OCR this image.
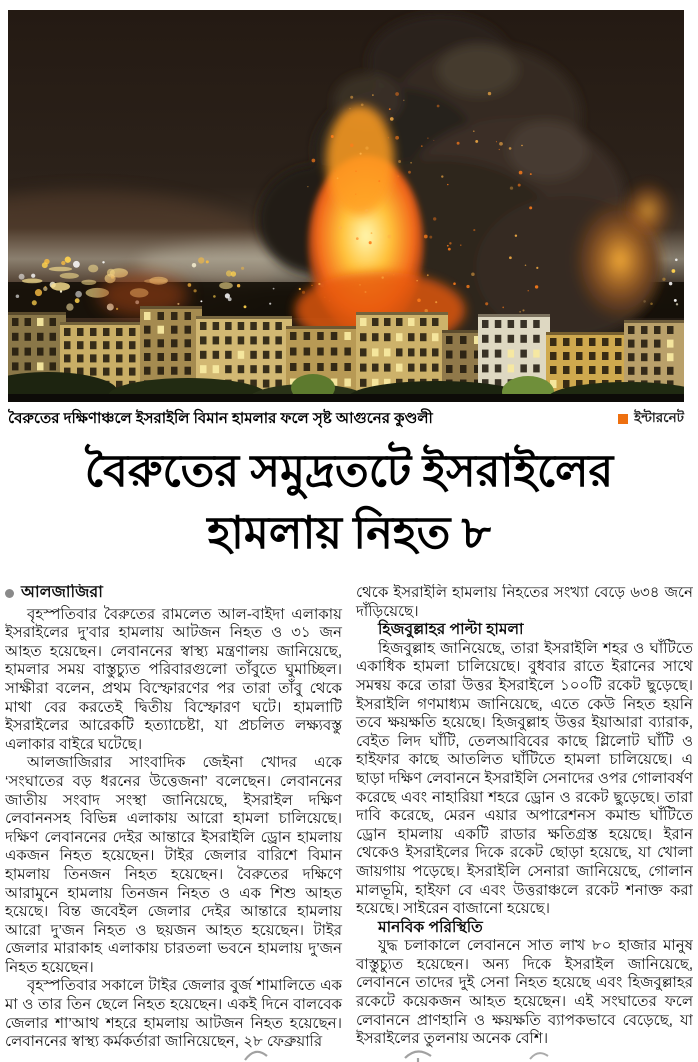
বৈরুতের দক্ষিণাঞ্চলে ইসরাইলি বিমান হামলার ফলে সৃষ্ট আগুনের কুণ্ডলী	ইন্টারনেট
বৈরুতের সমুদ্রতটে ইসরাইলের
হামলায় নিহত ৮

আলজাজিরা

বৃহস্পতিবার বৈরুতের রামলেত আল-বাইদা এলাকায় ইসরাইলের দু’বার হামলায় আটজন নিহত ও ৩১ জন আহত হয়েছেন। লেবাননের স্বাস্থ্য মন্ত্রণালয় জানিয়েছে, হামলার সময় বাস্তুচ্যুত পরিবারগুলো তাঁবুতে ঘুমাচ্ছিল। সাক্ষীরা বলেন, প্রথম বিস্ফোরণের পর তারা তাঁবু থেকে মাথা বের করতেই দ্বিতীয় বিস্ফোরণ ঘটে। হামলাটি ইসরাইলের আরেকটি হত্যাচেষ্টা, যা প্রচলিত লক্ষ্যবস্তু এলাকার বাইরে ঘটেছে।

আলজাজিরার সাংবাদিক জেইনা খোদর একে ‘সংঘাতের বড় ধরনের উত্তেজনা’ বলেছেন। লেবাননের জাতীয় সংবাদ সংস্থা জানিয়েছে, ইসরাইল দক্ষিণ লেবাননসহ বিভিন্ন এলাকায় আরো হামলা চালিয়েছে। দক্ষিণ লেবাননের দেইর আন্তারে ইসরাইলি ড্রোন হামলায় একজন নিহত হয়েছেন। টাইর জেলার বারিশে বিমান হামলায় তিনজন নিহত হয়েছেন। বৈরুতের দক্ষিণে আরামুনে হামলায় তিনজন নিহত ও এক শিশু আহত হয়েছে। বিন্ত জবেইল জেলার দেইর আন্তারে হামলায় আরো দু’জন নিহত ও ছয়জন আহত হয়েছেন। টাইর জেলার মারাকাহ এলাকায় চারতলা ভবনে হামলায় দু’জন নিহত হয়েছেন।

বৃহস্পতিবার সকালে টাইর জেলার বুর্জ শামালিতে এক মা ও তার তিন ছেলে নিহত হয়েছেন। একই দিনে বালবেক জেলার শা’আথ শহরে হামলায় আটজন নিহত হয়েছেন। লেবাননের স্বাস্থ্য কর্মকর্তারা জানিয়েছেন, ২৮ ফেব্রুয়ারি

থেকে ইসরাইলি হামলায় নিহতের সংখ্যা বেড়ে ৬৩৪ জনে দাঁড়িয়েছে।

হিজবুল্লাহর পাল্টা হামলা

হিজবুল্লাহ জানিয়েছে, তারা ইসরাইলি শহর ও ঘাঁটিতে একাধিক হামলা চালিয়েছে। বুধবার রাতে ইরানের সাথে সমন্বয় করে তারা উত্তর ইসরাইলে ১০০টি রকেট ছুড়েছে। ইসরাইলি গণমাধ্যম জানিয়েছে, এতে কেউ নিহত হয়নি তবে ক্ষয়ক্ষতি হয়েছে। হিজবুল্লাহ উত্তর ইয়াআরা ব্যারাক, বেইত লিদ ঘাঁটি, তেলআবিবের কাছে গ্লিলোট ঘাঁটি ও হাইফার কাছে আতলিত ঘাঁটিতে হামলা চালিয়েছে। এ ছাড়া দক্ষিণ লেবাননে ইসরাইলি সেনাদের ওপর গোলাবর্ষণ করেছে এবং নাহারিয়া শহরে ড্রোন ও রকেট ছুড়েছে। তারা দাবি করেছে, মেরন এয়ার অপারেশনস কমান্ড ঘাঁটিতে ড্রোন হামলায় একটি রাডার ক্ষতিগ্রস্ত হয়েছে। ইরান থেকেও ইসরাইলের দিকে রকেট ছোড়া হয়েছে, যা খোলা জায়গায় পড়েছে। ইসরাইলি সেনারা জানিয়েছে, গোলান মালভূমি, হাইফা বে এবং উত্তরাঞ্চলে রকেট শনাক্ত করা হয়েছে। সাইরেন বাজানো হয়েছে।

মানবিক পরিস্থিতি

যুদ্ধ চলাকালে লেবাননে সাত লাখ ৮০ হাজার মানুষ বাস্তুচ্যুত হয়েছেন। অন্য দিকে ইসরাইল জানিয়েছে, লেবাননে তাদের দুই সেনা নিহত হয়েছে এবং হিজবুল্লাহর রকেটে কয়েকজন আহত হয়েছেন। এই সংঘাতের ফলে লেবাননে প্রাণহানি ও ক্ষয়ক্ষতি ব্যাপকভাবে বেড়েছে, যা ইসরাইলের তুলনায় অনেক বেশি।
